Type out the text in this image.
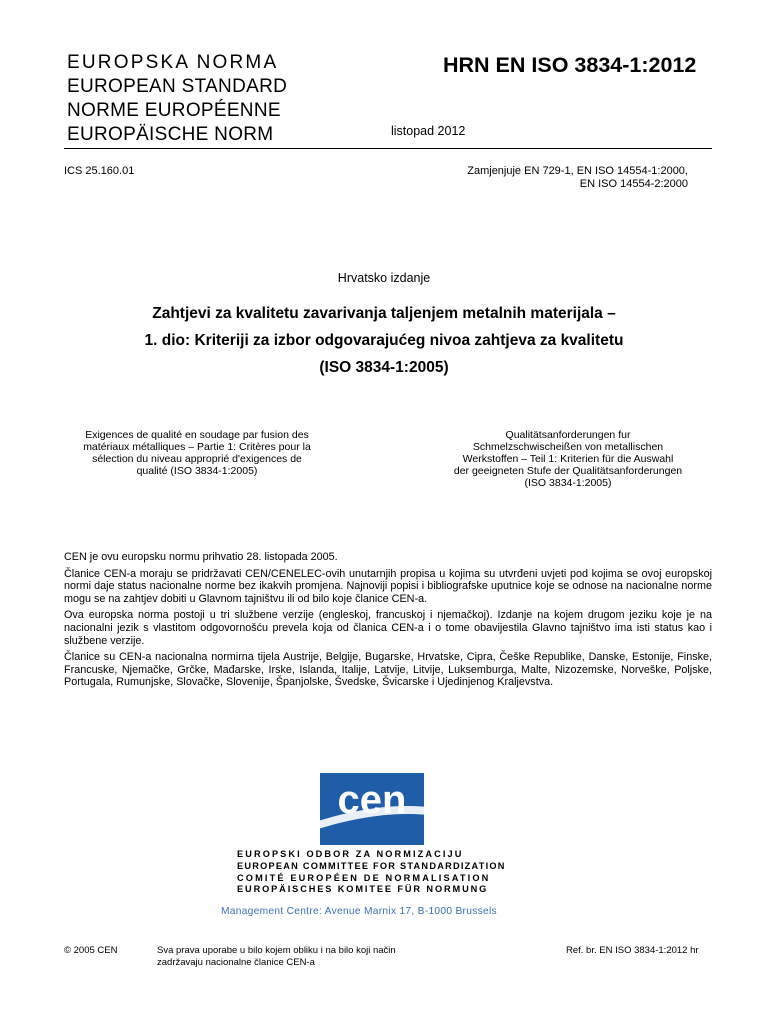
EUROPSKA NORMA
EUROPEAN STANDARD
NORME EUROPÉENNE
EUROPÄISCHE NORM
HRN EN ISO 3834-1:2012
listopad 2012
ICS 25.160.01	Zamjenjuje EN 729-1, EN ISO 14554-1:2000,
EN ISO 14554-2:2000
Hrvatsko izdanje
Zahtjevi za kvalitetu zavarivanja taljenjem metalnih materijala –
1. dio: Kriteriji za izbor odgovarajućeg nivoa zahtjeva za kvalitetu
(ISO 3834-1:2005)
Exigences de qualité en soudage par fusion des
matériaux métalliques – Partie 1: Critères pour la
sélection du niveau approprié d'exigences de
qualité (ISO 3834-1:2005)
Qualitätsanforderungen fur
Schmelzschwischeißen von metallischen
Werkstoffen – Teil 1: Kriterien für die Auswahl
der geeigneten Stufe der Qualitätsanforderungen
(ISO 3834-1:2005)

CEN je ovu europsku normu prihvatio 28. listopada 2005.

Članice CEN-a moraju se pridržavati CEN/CENELEC-ovih unutarnjih propisa u kojima su utvrđeni uvjeti pod kojima se ovoj europskoj normi daje status nacionalne norme bez ikakvih promjena. Najnoviji popisi i bibliografske uputnice koje se odnose na nacionalne norme mogu se na zahtjev dobiti u Glavnom tajništvu ili od bilo koje članice CEN-a.

Ova europska norma postoji u tri službene verzije (engleskoj, francuskoj i njemačkoj). Izdanje na kojem drugom jeziku koje je na nacionalni jezik s vlastitom odgovornošću prevela koja od članica CEN-a i o tome obavijestila Glavno tajništvo ima isti status kao i službene verzije.

Članice su CEN-a nacionalna normirna tijela Austrije, Belgije, Bugarske, Hrvatske, Cipra, Češke Republike, Danske, Estonije, Finske, Francuske, Njemačke, Grčke, Mađarske, Irske, Islanda, Italije, Latvije, Litvije, Luksemburga, Malte, Nizozemske, Norveške, Poljske, Portugala, Rumunjske, Slovačke, Slovenije, Španjolske, Švedske, Švicarske i Ujedinjenog Kraljevstva.

cen
EUROPSKI ODBOR ZA NORMIZACIJU
EUROPEAN COMMITTEE FOR STANDARDIZATION
COMITÉ EUROPÉEN DE NORMALISATION
EUROPÄISCHES KOMITEE FÜR NORMUNG
Management Centre: Avenue Marnix 17, B-1000 Brussels
© 2005 CEN	Sva prava uporabe u bilo kojem obliku i na bilo koji način
zadržavaju nacionalne članice CEN-a
Ref. br. EN ISO 3834-1:2012 hr
